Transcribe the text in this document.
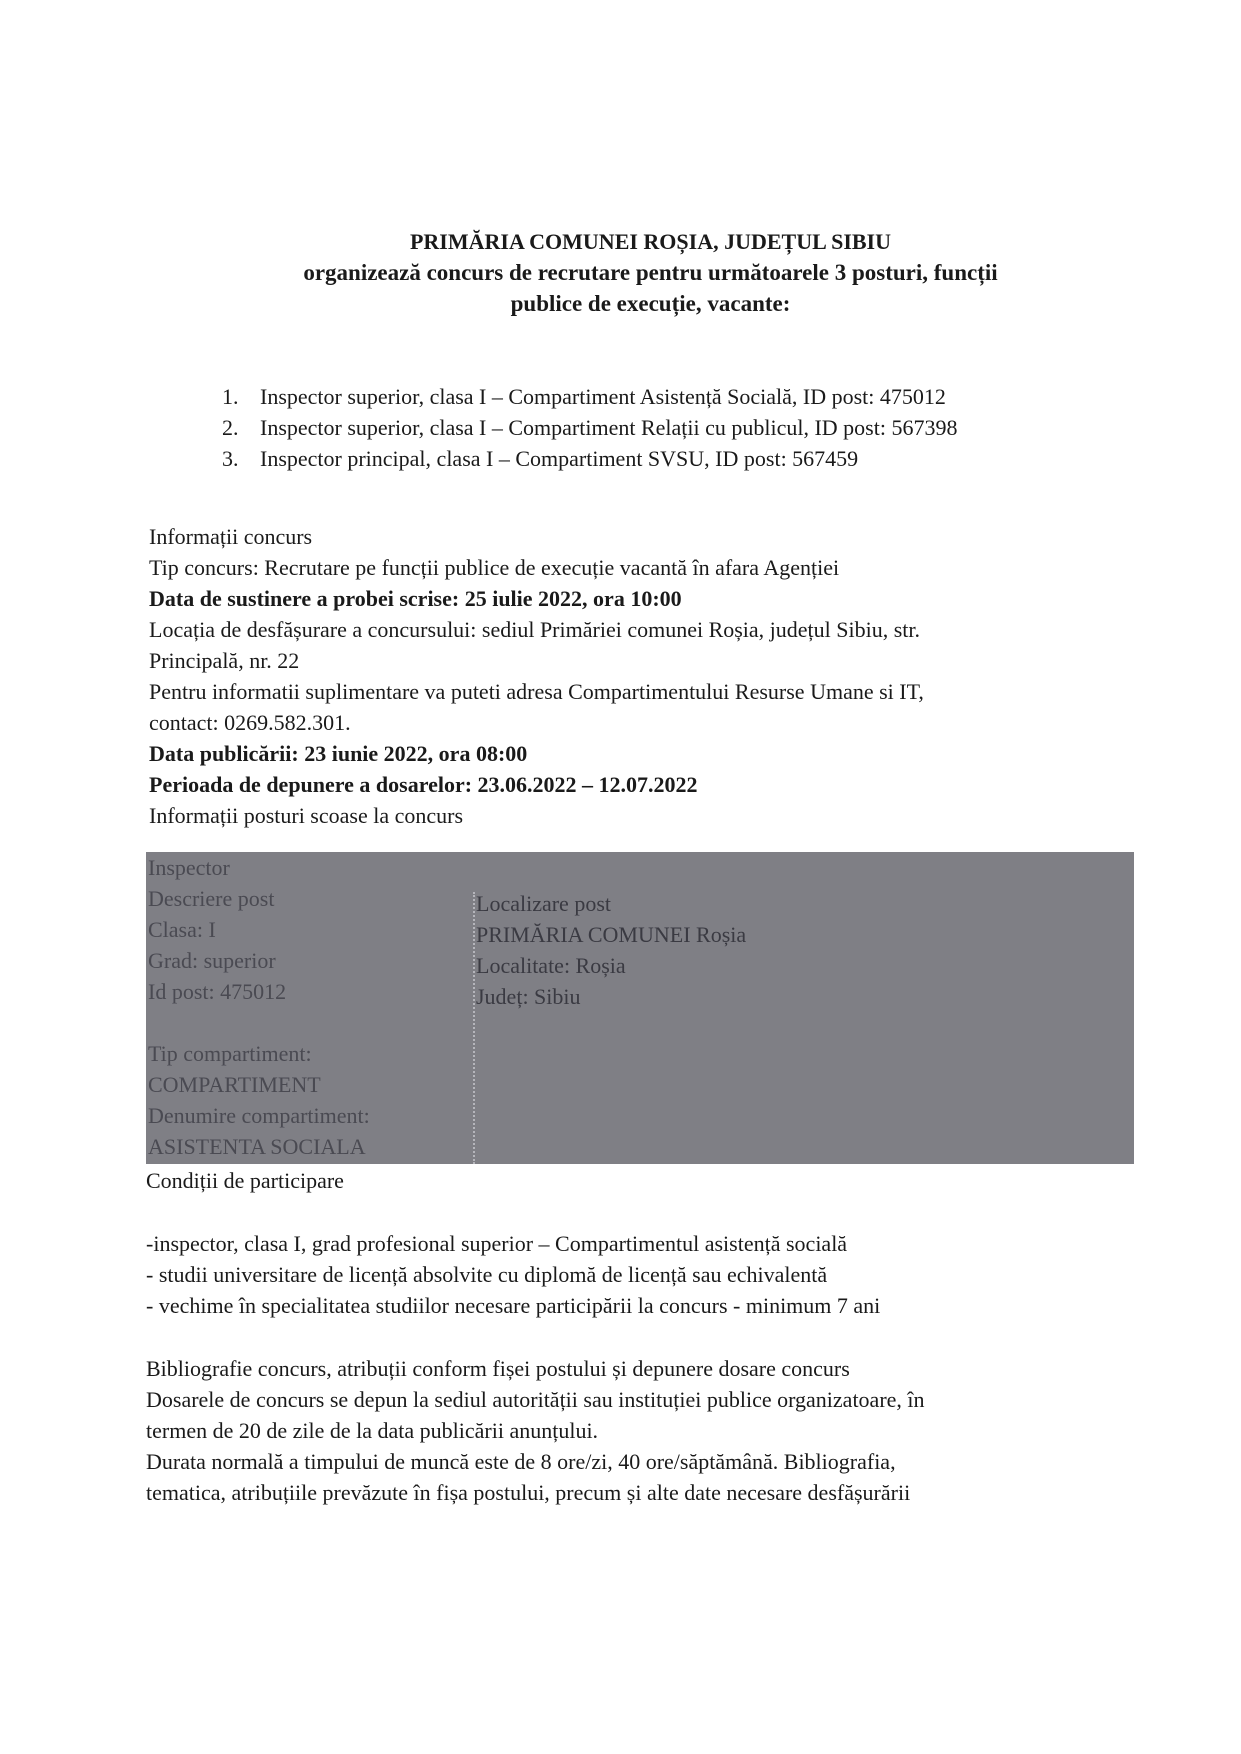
PRIMĂRIA COMUNEI ROȘIA, JUDEȚUL SIBIU
organizează concurs de recrutare pentru următoarele 3 posturi, funcții
publice de execuție, vacante:
1. Inspector superior, clasa I – Compartiment Asistență Socială, ID post: 475012
2. Inspector superior, clasa I – Compartiment Relații cu publicul, ID post: 567398
3. Inspector principal, clasa I – Compartiment SVSU, ID post: 567459

Informații concurs

Tip concurs: Recrutare pe funcții publice de execuție vacantă în afara Agenției

Data de sustinere a probei scrise: 25 iulie 2022, ora 10:00

Locația de desfășurare a concursului: sediul Primăriei comunei Roșia, județul Sibiu, str.

Principală, nr. 22

Pentru informatii suplimentare va puteti adresa Compartimentului Resurse Umane si IT,

contact: 0269.582.301.

Data publicării: 23 iunie 2022, ora 08:00

Perioada de depunere a dosarelor: 23.06.2022 – 12.07.2022

Informații posturi scoase la concurs

Inspector

Descriere post

Clasa: I

Grad: superior

Id post: 475012

Tip compartiment:

COMPARTIMENT

Denumire compartiment:

ASISTENTA SOCIALA

Localizare post

PRIMĂRIA COMUNEI Roșia

Localitate: Roșia

Județ: Sibiu

Condiții de participare

-inspector, clasa I, grad profesional superior – Compartimentul asistență socială

- studii universitare de licență absolvite cu diplomă de licență sau echivalentă

- vechime în specialitatea studiilor necesare participării la concurs - minimum 7 ani

Bibliografie concurs, atribuții conform fișei postului și depunere dosare concurs

Dosarele de concurs se depun la sediul autorității sau instituției publice organizatoare, în

termen de 20 de zile de la data publicării anunțului.

Durata normală a timpului de muncă este de 8 ore/zi, 40 ore/săptămână. Bibliografia,

tematica, atribuțiile prevăzute în fișa postului, precum și alte date necesare desfășurării
